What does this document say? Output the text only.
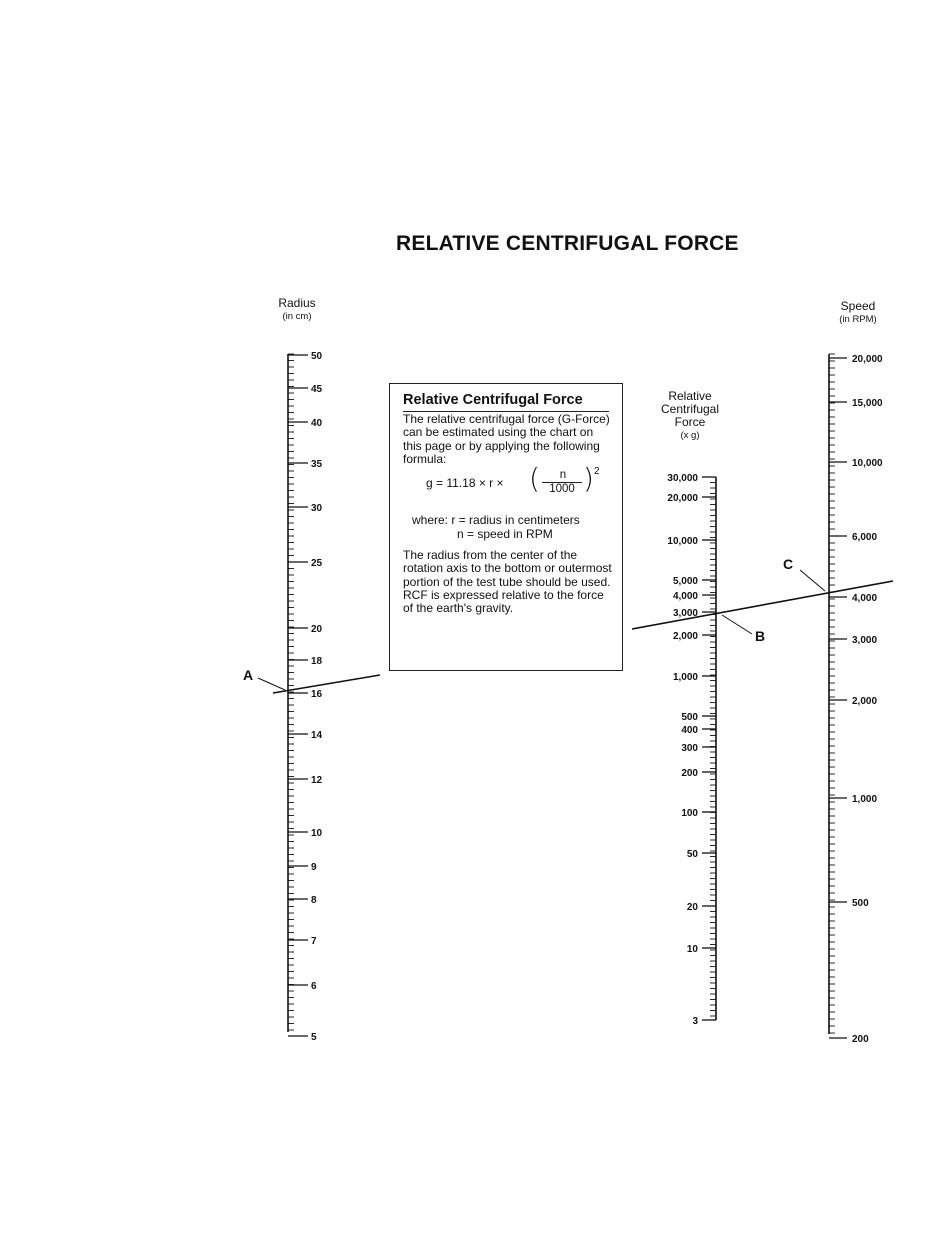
RELATIVE CENTRIFUGAL FORCE
Radius
(in cm)
Relative
Centrifugal
Force
(x g)
Speed
(in RPM)
Relative Centrifugal Force

The relative centrifugal force (G-Force) can be estimated using the chart on this page or by applying the following formula:

g = 11.18 × r × (	n
1000 ) 2
where: r = radius in centimeters
n = speed in RPM

The radius from the center of the rotation axis to the bottom or outermost portion of the test tube should be used. RCF is expressed relative to the force of the earth's gravity.

50
45
40
35
30
25
20
18
16
14
12
10
9
8
7
6
5
30,000
20,000
10,000
5,000
4,000
3,000
2,000
1,000
500
400
300
200
100
50
20
10
3
20,000
15,000
10,000
6,000
4,000
3,000
2,000
1,000
500
200
A
B
C
